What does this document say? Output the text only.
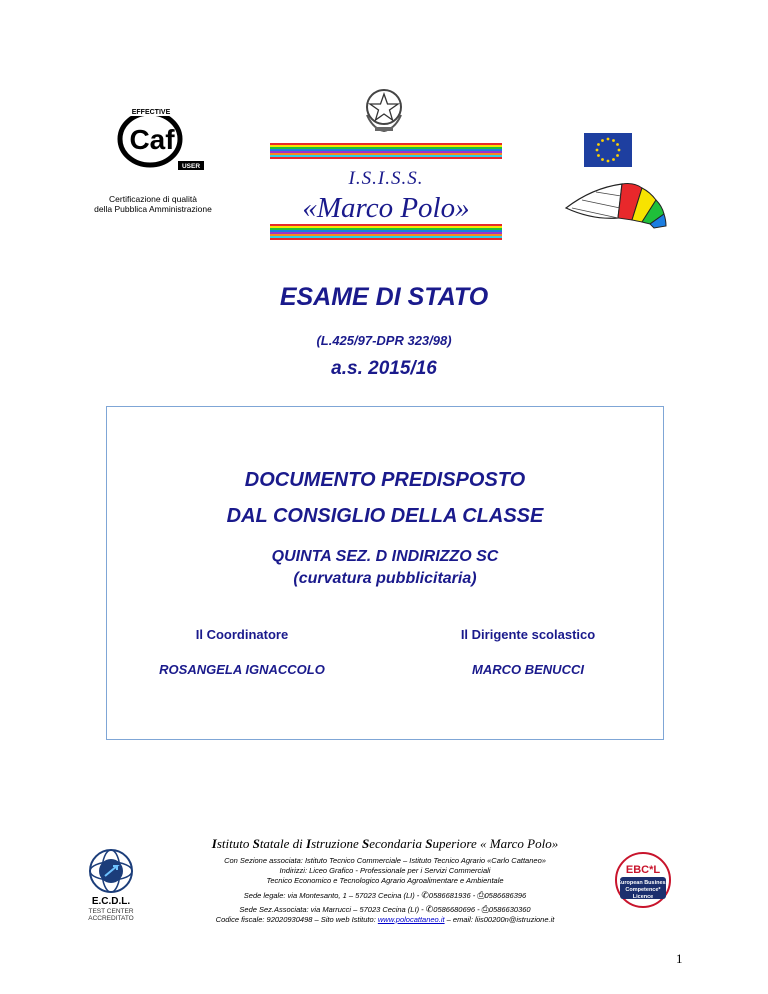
EFFECTIVE
Caf
USER
Certificazione di qualità
della Pubblica Amministrazione
I.S.I.S.S.
«Marco Polo»
ESAME DI STATO
(L.425/97-DPR 323/98)
a.s. 2015/16
DOCUMENTO PREDISPOSTO
DAL CONSIGLIO DELLA CLASSE
QUINTA SEZ. D INDIRIZZO SC
(curvatura pubblicitaria)
Il Coordinatore	Il Dirigente scolastico
ROSANGELA IGNACCOLO	MARCO BENUCCI
E.C.D.L.
TEST CENTER
ACCREDITATO
Istituto Statale di Istruzione Secondaria Superiore « Marco Polo»
Con Sezione associata: Istituto Tecnico Commerciale – Istituto Tecnico Agrario «Carlo Cattaneo»
Indirizzi: Liceo Grafico - Professionale per i Servizi Commerciali
Tecnico Economico e Tecnologico Agrario Agroalimentare e Ambientale
Sede legale: via Montesanto, 1 – 57023 Cecina (LI) - ✆0586681936 - ⎙0586686396
Sede Sez.Associata: via Marrucci – 57023 Cecina (LI) - ✆0586680696 - ⎙0586630360
Codice fiscale: 92020930498 – Sito web Istituto: www.polocattaneo.it – email: liis00200n@istruzione.it
EBC*L
European Business
Competence*
Licence
1
